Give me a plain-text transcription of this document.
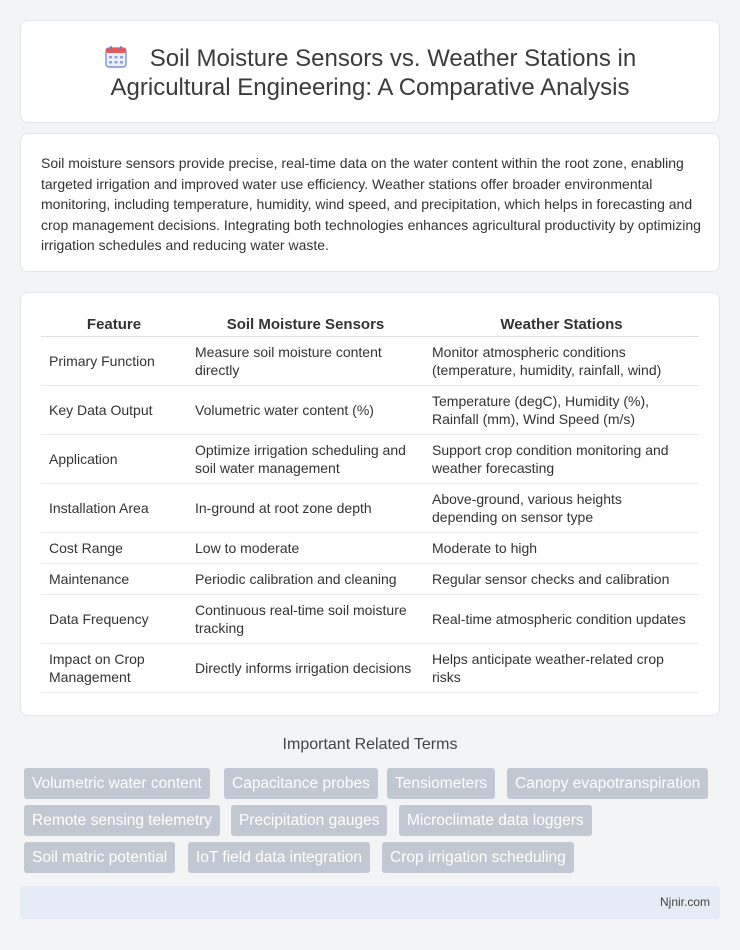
Soil Moisture Sensors vs. Weather Stations in
Agricultural Engineering: A Comparative Analysis

Soil moisture sensors provide precise, real-time data on the water content within the root zone, enabling targeted irrigation and improved water use efficiency. Weather stations offer broader environmental monitoring, including temperature, humidity, wind speed, and precipitation, which helps in forecasting and crop management decisions. Integrating both technologies enhances agricultural productivity by optimizing irrigation schedules and reducing water waste.

Feature	Soil Moisture Sensors	Weather Stations
Primary Function	Measure soil moisture content directly	Monitor atmospheric conditions (temperature, humidity, rainfall, wind)
Key Data Output	Volumetric water content (%)	Temperature (degC), Humidity (%), Rainfall (mm), Wind Speed (m/s)
Application	Optimize irrigation scheduling and soil water management	Support crop condition monitoring and weather forecasting
Installation Area	In-ground at root zone depth	Above-ground, various heights depending on sensor type
Cost Range	Low to moderate	Moderate to high
Maintenance	Periodic calibration and cleaning	Regular sensor checks and calibration
Data Frequency	Continuous real-time soil moisture tracking	Real-time atmospheric condition updates
Impact on Crop Management	Directly informs irrigation decisions	Helps anticipate weather-related crop risks
Important Related Terms
Volumetric water content	Capacitance probes	Tensiometers	Canopy evapotranspiration
Remote sensing telemetry	Precipitation gauges	Microclimate data loggers
Soil matric potential	IoT field data integration	Crop irrigation scheduling
Njnir.com
